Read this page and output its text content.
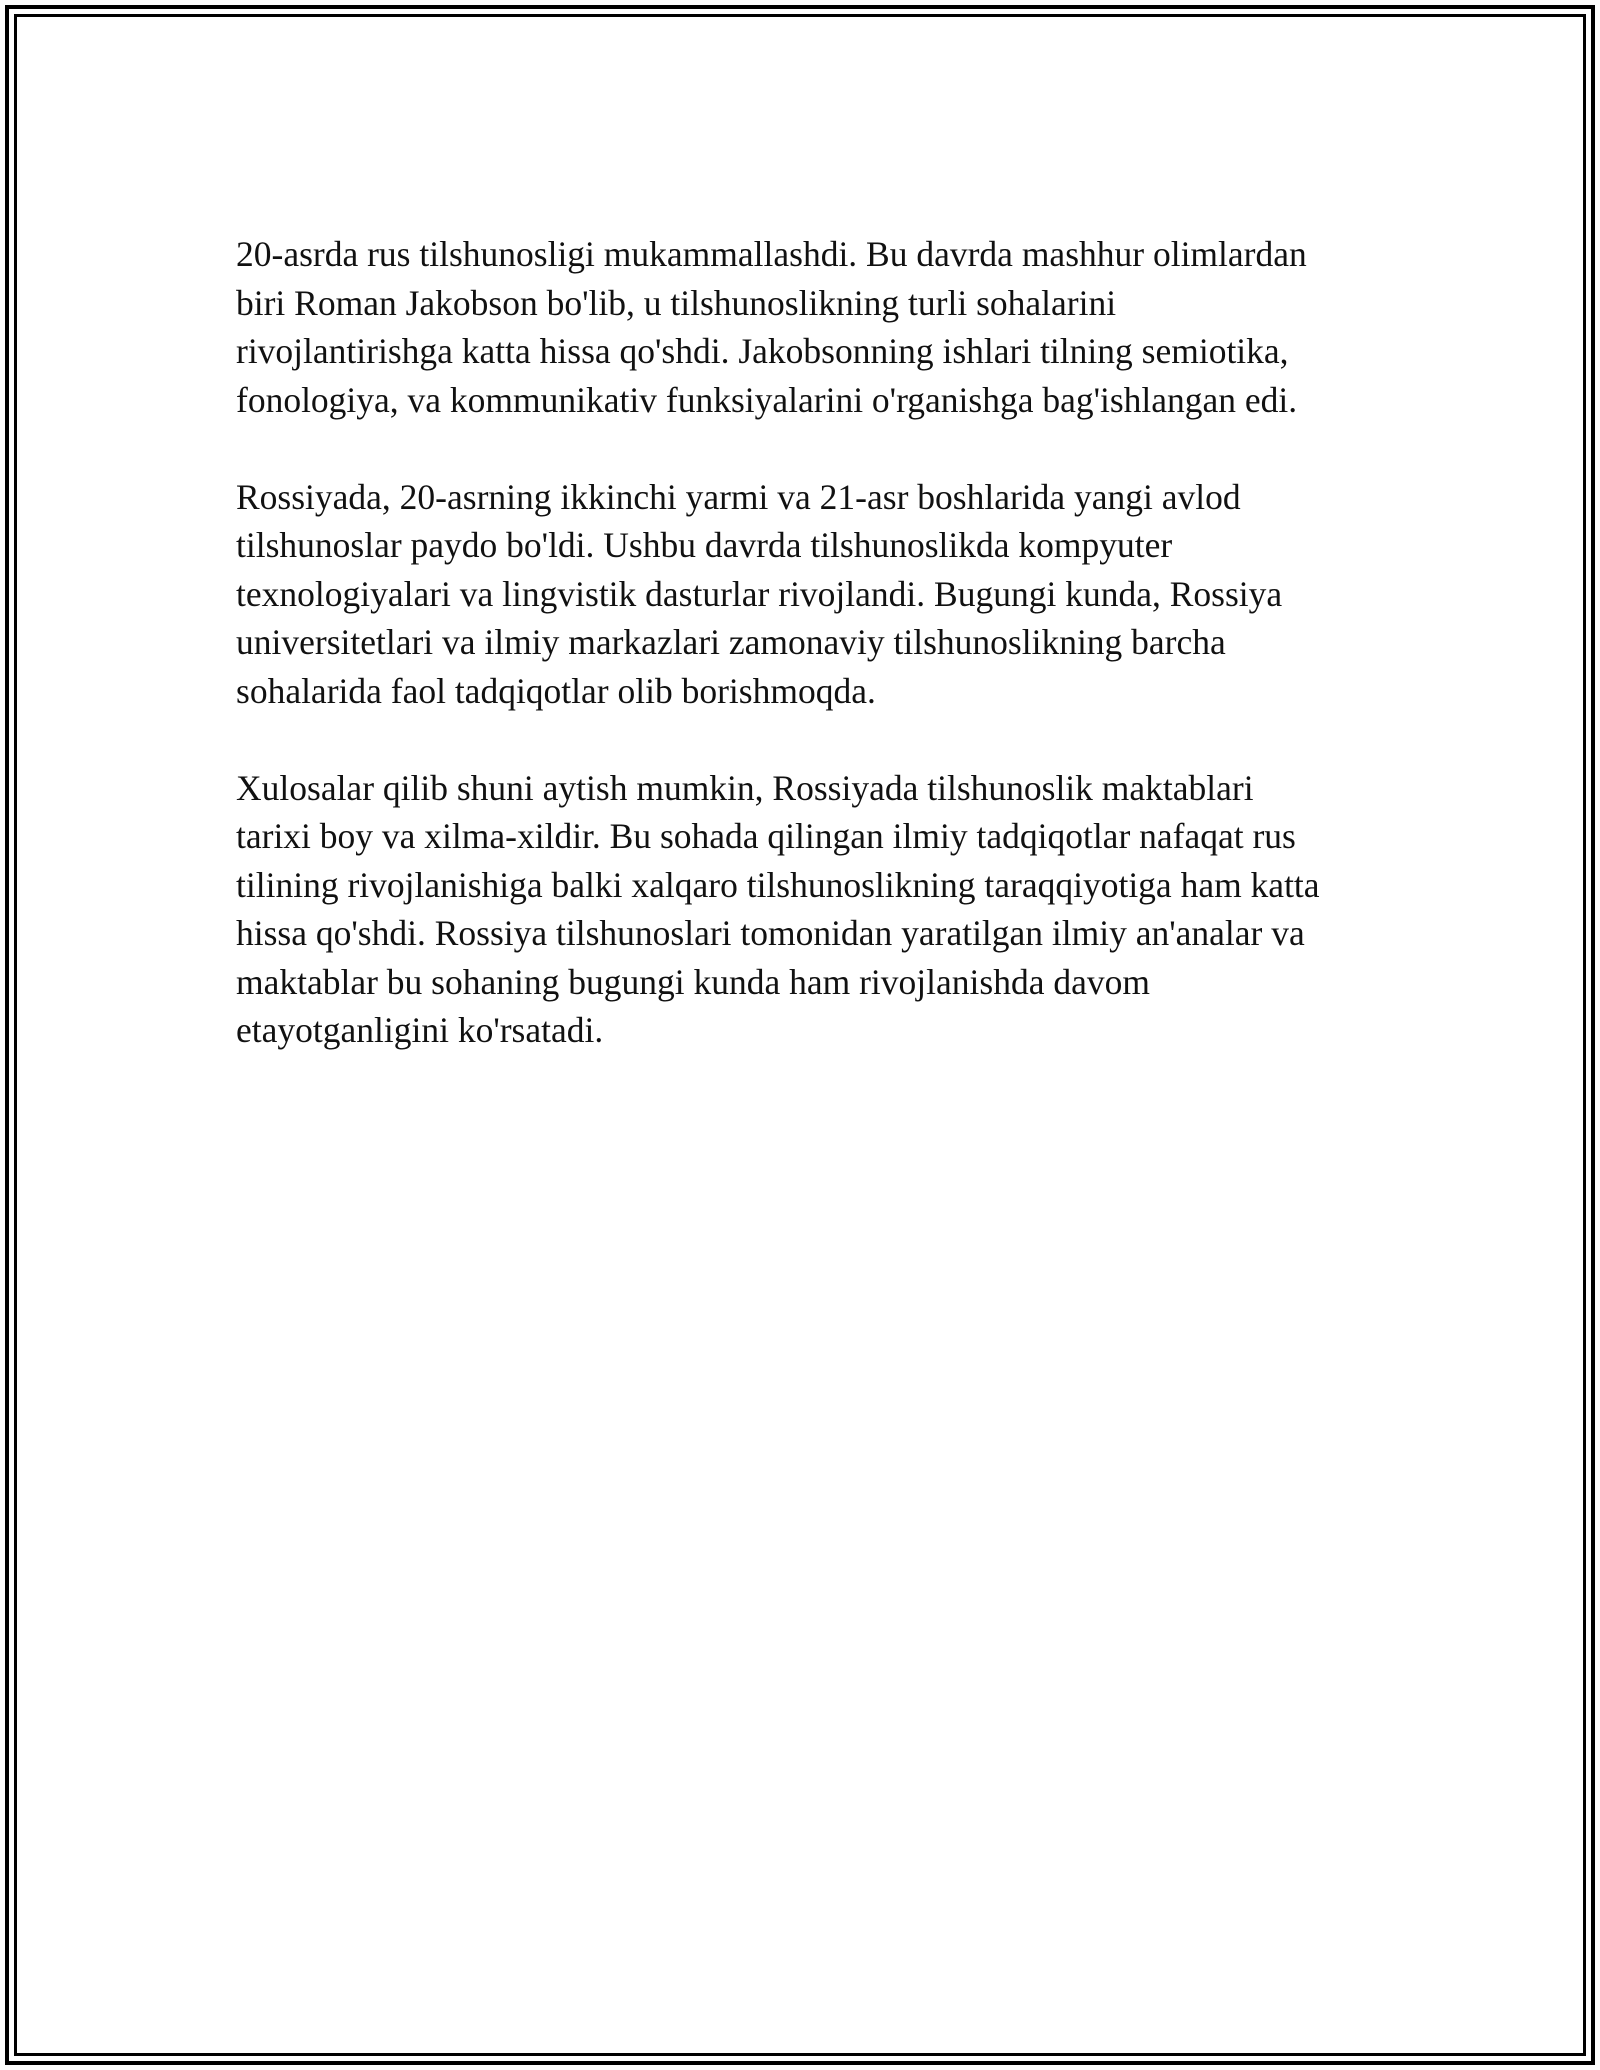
20-asrda rus tilshunosligi mukammallashdi. Bu davrda mashhur olimlardan
biri Roman Jakobson bo'lib, u tilshunoslikning turli sohalarini
rivojlantirishga katta hissa qo'shdi. Jakobsonning ishlari tilning semiotika,
fonologiya, va kommunikativ funksiyalarini o'rganishga bag'ishlangan edi.

Rossiyada, 20-asrning ikkinchi yarmi va 21-asr boshlarida yangi avlod
tilshunoslar paydo bo'ldi. Ushbu davrda tilshunoslikda kompyuter
texnologiyalari va lingvistik dasturlar rivojlandi. Bugungi kunda, Rossiya
universitetlari va ilmiy markazlari zamonaviy tilshunoslikning barcha
sohalarida faol tadqiqotlar olib borishmoqda.

Xulosalar qilib shuni aytish mumkin, Rossiyada tilshunoslik maktablari
tarixi boy va xilma-xildir. Bu sohada qilingan ilmiy tadqiqotlar nafaqat rus
tilining rivojlanishiga balki xalqaro tilshunoslikning taraqqiyotiga ham katta
hissa qo'shdi. Rossiya tilshunoslari tomonidan yaratilgan ilmiy an'analar va
maktablar bu sohaning bugungi kunda ham rivojlanishda davom
etayotganligini ko'rsatadi.
